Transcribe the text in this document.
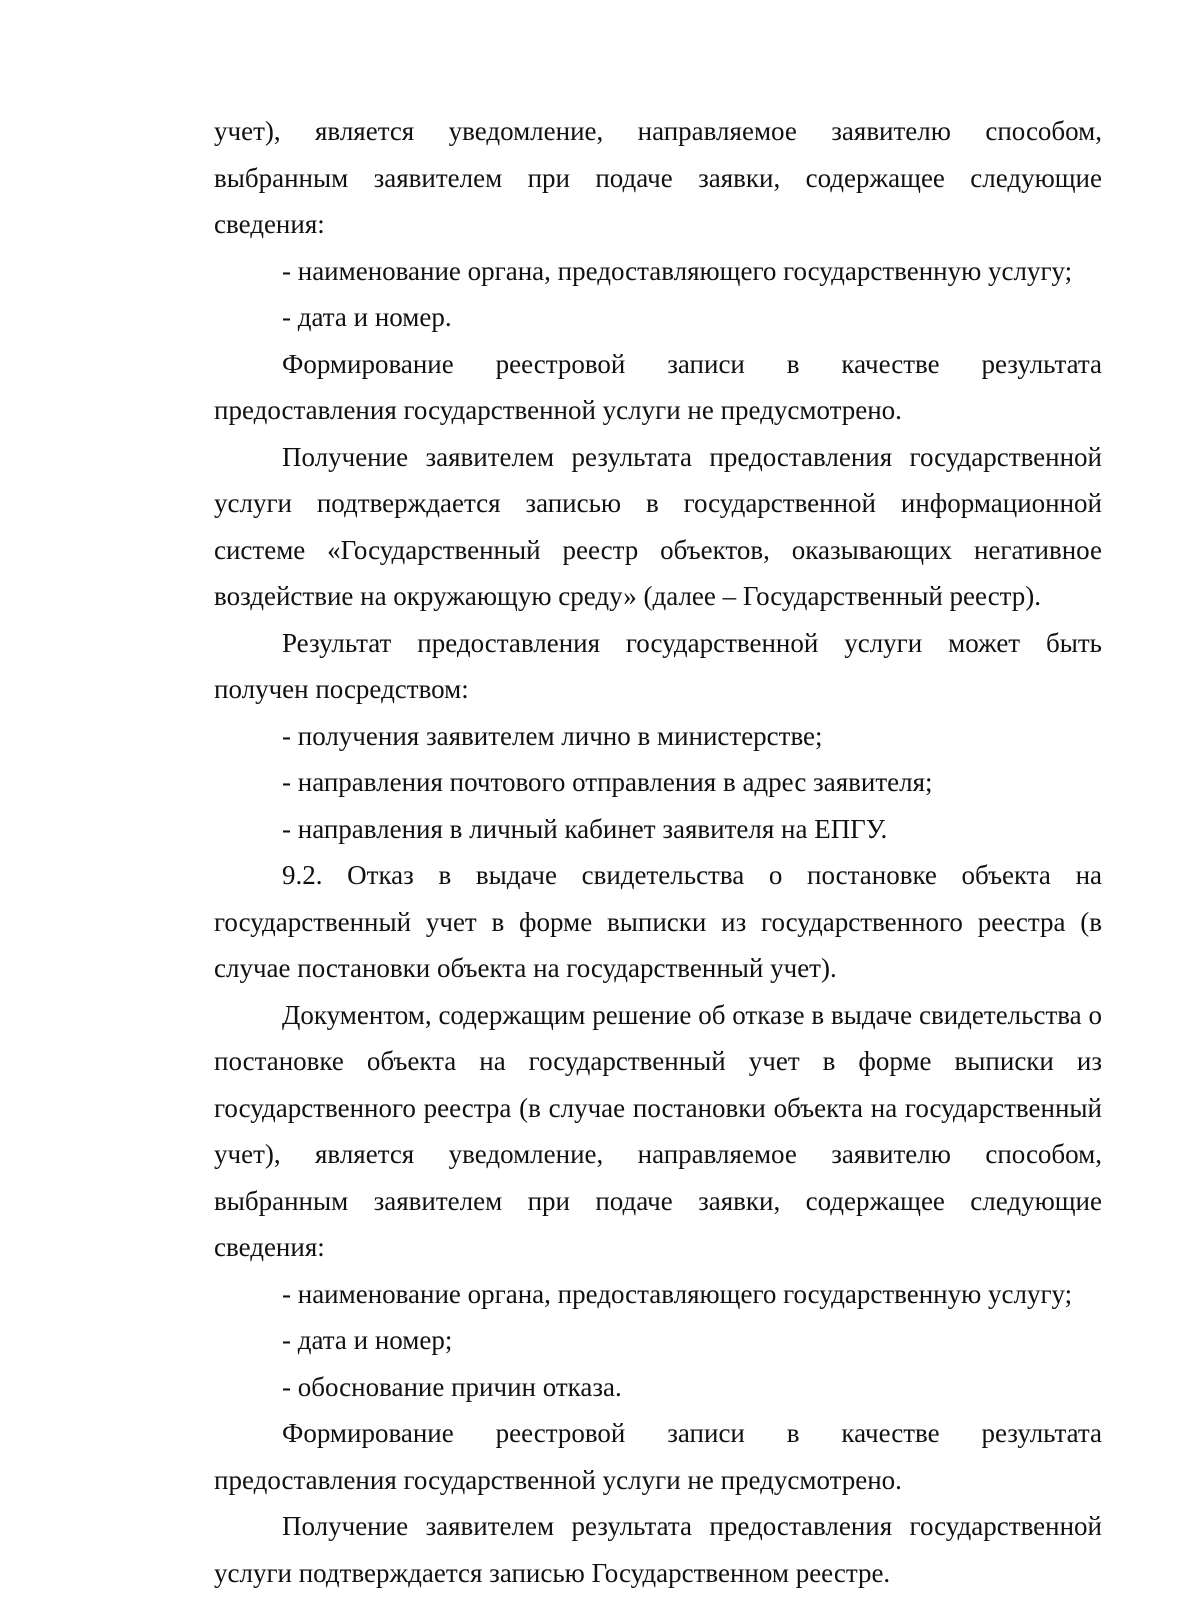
учет), является уведомление, направляемое заявителю способом, выбранным заявителем при подаче заявки, содержащее следующие сведения:

- наименование органа, предоставляющего государственную услугу;

- дата и номер.

Формирование реестровой записи в качестве результата предоставления государственной услуги не предусмотрено.

Получение заявителем результата предоставления государственной услуги подтверждается записью в государственной информационной системе «Государственный реестр объектов, оказывающих негативное воздействие на окружающую среду» (далее – Государственный реестр).

Результат предоставления государственной услуги может быть получен посредством:

- получения заявителем лично в министерстве;

- направления почтового отправления в адрес заявителя;

- направления в личный кабинет заявителя на ЕПГУ.

9.2. Отказ в выдаче свидетельства о постановке объекта на государственный учет в форме выписки из государственного реестра (в случае постановки объекта на государственный учет).

Документом, содержащим решение об отказе в выдаче свидетельства о постановке объекта на государственный учет в форме выписки из государственного реестра (в случае постановки объекта на государственный учет), является уведомление, направляемое заявителю способом, выбранным заявителем при подаче заявки, содержащее следующие сведения:

- наименование органа, предоставляющего государственную услугу;

- дата и номер;

- обоснование причин отказа.

Формирование реестровой записи в качестве результата предоставления государственной услуги не предусмотрено.

Получение заявителем результата предоставления государственной услуги подтверждается записью Государственном реестре.
